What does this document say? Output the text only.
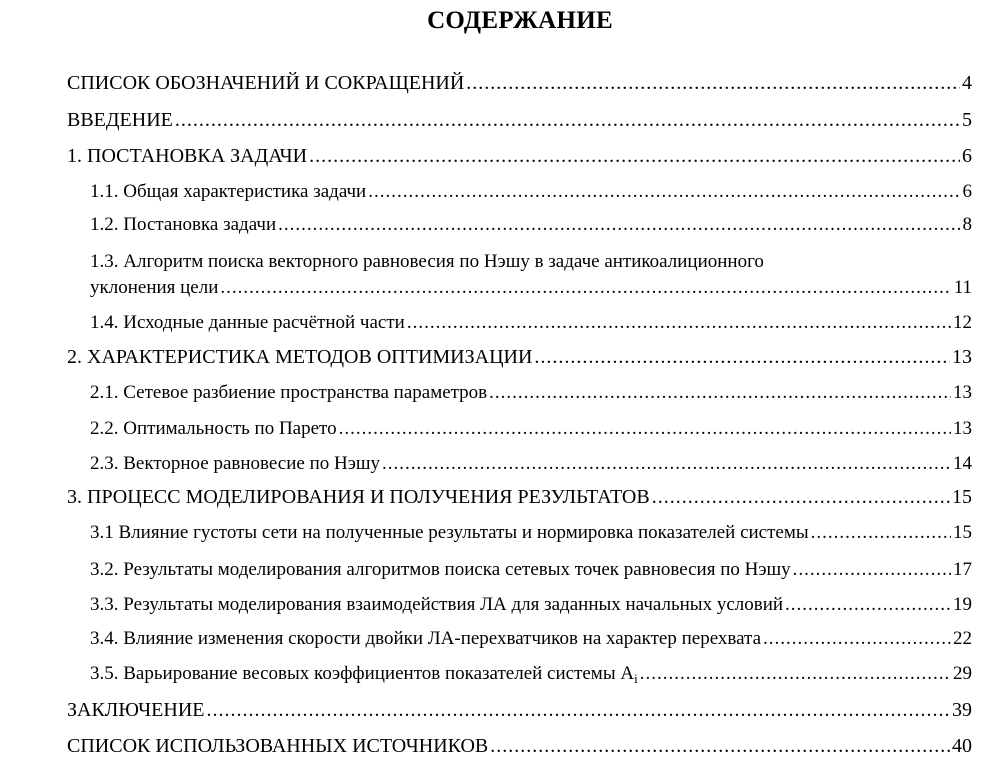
СОДЕРЖАНИЕ
СПИСОК ОБОЗНАЧЕНИЙ И СОКРАЩЕНИЙ .....	4
ВВЕДЕНИЕ .....	5
1. ПОСТАНОВКА ЗАДАЧИ .....	6
1.1. Общая характеристика задачи .....	6
1.2. Постановка задачи .....	8
1.3. Алгоритм поиска векторного равновесия по Нэшу в задаче антикоалиционного
уклонения цели .....	11
1.4. Исходные данные расчётной части .....	12
2. ХАРАКТЕРИСТИКА МЕТОДОВ ОПТИМИЗАЦИИ .....	13
2.1. Сетевое разбиение пространства параметров .....	13
2.2. Оптимальность по Парето .....	13
2.3. Векторное равновесие по Нэшу .....	14
3. ПРОЦЕСС МОДЕЛИРОВАНИЯ И ПОЛУЧЕНИЯ РЕЗУЛЬТАТОВ .....	15
3.1 Влияние густоты сети на полученные результаты и нормировка показателей системы .....	15
3.2. Результаты моделирования алгоритмов поиска сетевых точек равновесия по Нэшу .....	17
3.3. Результаты моделирования взаимодействия ЛА для заданных начальных условий .....	19
3.4. Влияние изменения скорости двойки ЛА-перехватчиков на характер перехвата .....	22
3.5. Варьирование весовых коэффициентов показателей системы $A_i$ .....	29
ЗАКЛЮЧЕНИЕ .....	39
СПИСОК ИСПОЛЬЗОВАННЫХ ИСТОЧНИКОВ .....	40
